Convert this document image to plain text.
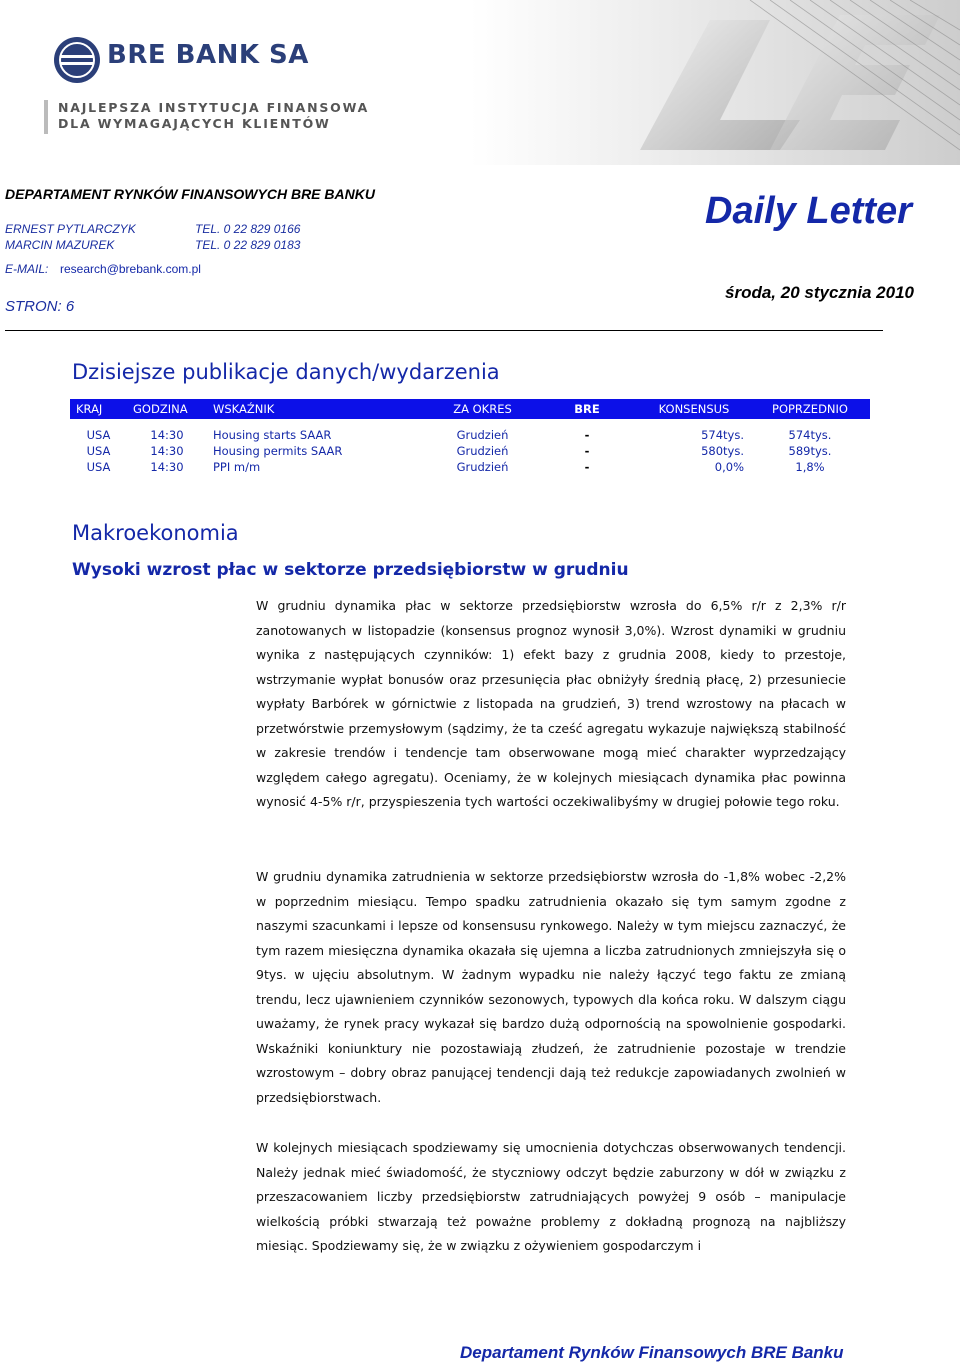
BRE BANK SA
NAJLEPSZA INSTYTUCJA FINANSOWA
DLA WYMAGAJĄCYCH KLIENTÓW
DEPARTAMENT RYNKÓW FINANSOWYCH BRE BANKU
ERNEST PYTLARCZYK	TEL. 0 22 829 0166
MARCIN MAZUREK	TEL. 0 22 829 0183
E-MAIL: research@brebank.com.pl
STRON: 6
Daily Letter
środa, 20 stycznia 2010
Dzisiejsze publikacje danych/wydarzenia
KRAJ	GODZINA	WSKAŹNIK	ZA OKRES	BRE	KONSENSUS	POPRZEDNIO
USA	14:30	Housing starts SAAR	Grudzień	-	574tys.	574tys.
USA	14:30	Housing permits SAAR	Grudzień	-	580tys.	589tys.
USA	14:30	PPI m/m	Grudzień	-	0,0%	1,8%
Makroekonomia
Wysoki wzrost płac w sektorze przedsiębiorstw w grudniu

W grudniu dynamika płac w sektorze przedsiębiorstw wzrosła do 6,5% r/r z 2,3% r/r zanotowanych w listopadzie (konsensus prognoz wynosił 3,0%). Wzrost dynamiki w grudniu wynika z następujących czynników: 1) efekt bazy z grudnia 2008, kiedy to przestoje, wstrzymanie wypłat bonusów oraz przesunięcia płac obniżyły średnią płacę, 2) przesuniecie wypłaty Barbórek w górnictwie z listopada na grudzień, 3) trend wzrostowy na płacach w przetwórstwie przemysłowym (sądzimy, że ta cześć agregatu wykazuje największą stabilność w zakresie trendów i tendencje tam obserwowane mogą mieć charakter wyprzedzający względem całego agregatu). Oceniamy, że w kolejnych miesiącach dynamika płac powinna wynosić 4-5% r/r, przyspieszenia tych wartości oczekiwalibyśmy w drugiej połowie tego roku.

W grudniu dynamika zatrudnienia w sektorze przedsiębiorstw wzrosła do -1,8% wobec -2,2% w poprzednim miesiącu. Tempo spadku zatrudnienia okazało się tym samym zgodne z naszymi szacunkami i lepsze od konsensusu rynkowego. Należy w tym miejscu zaznaczyć, że tym razem miesięczna dynamika okazała się ujemna a liczba zatrudnionych zmniejszyła się o 9tys. w ujęciu absolutnym. W żadnym wypadku nie należy łączyć tego faktu ze zmianą trendu, lecz ujawnieniem czynników sezonowych, typowych dla końca roku. W dalszym ciągu uważamy, że rynek pracy wykazał się bardzo dużą odpornością na spowolnienie gospodarki. Wskaźniki koniunktury nie pozostawiają złudzeń, że zatrudnienie pozostaje w trendzie wzrostowym – dobry obraz panującej tendencji dają też redukcje zapowiadanych zwolnień w przedsiębiorstwach.

W kolejnych miesiącach spodziewamy się umocnienia dotychczas obserwowanych tendencji. Należy jednak mieć świadomość, że styczniowy odczyt będzie zaburzony w dół w związku z przeszacowaniem liczby przedsiębiorstw zatrudniających powyżej 9 osób – manipulacje wielkością próbki stwarzają też poważne problemy z dokładną prognozą na najbliższy miesiąc. Spodziewamy się, że w związku z ożywieniem gospodarczym i

Departament Rynków Finansowych BRE Banku
